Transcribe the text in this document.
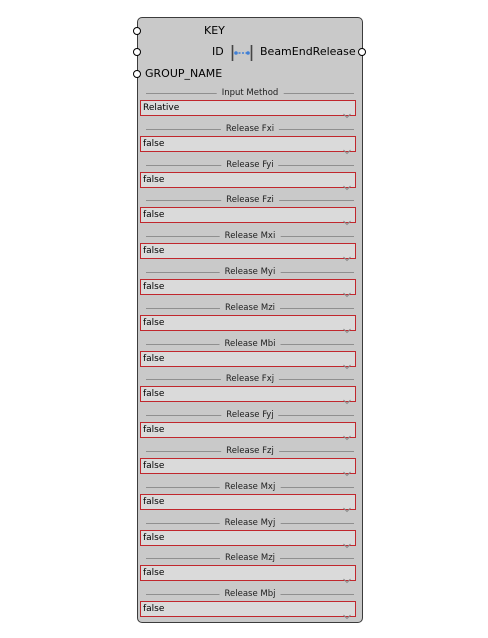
KEY
ID
GROUP_NAME
BeamEndRelease
Input Method
Relative
Release Fxi
false
Release Fyi
false
Release Fzi
false
Release Mxi
false
Release Myi
false
Release Mzi
false
Release Mbi
false
Release Fxj
false
Release Fyj
false
Release Fzj
false
Release Mxj
false
Release Myj
false
Release Mzj
false
Release Mbj
false
